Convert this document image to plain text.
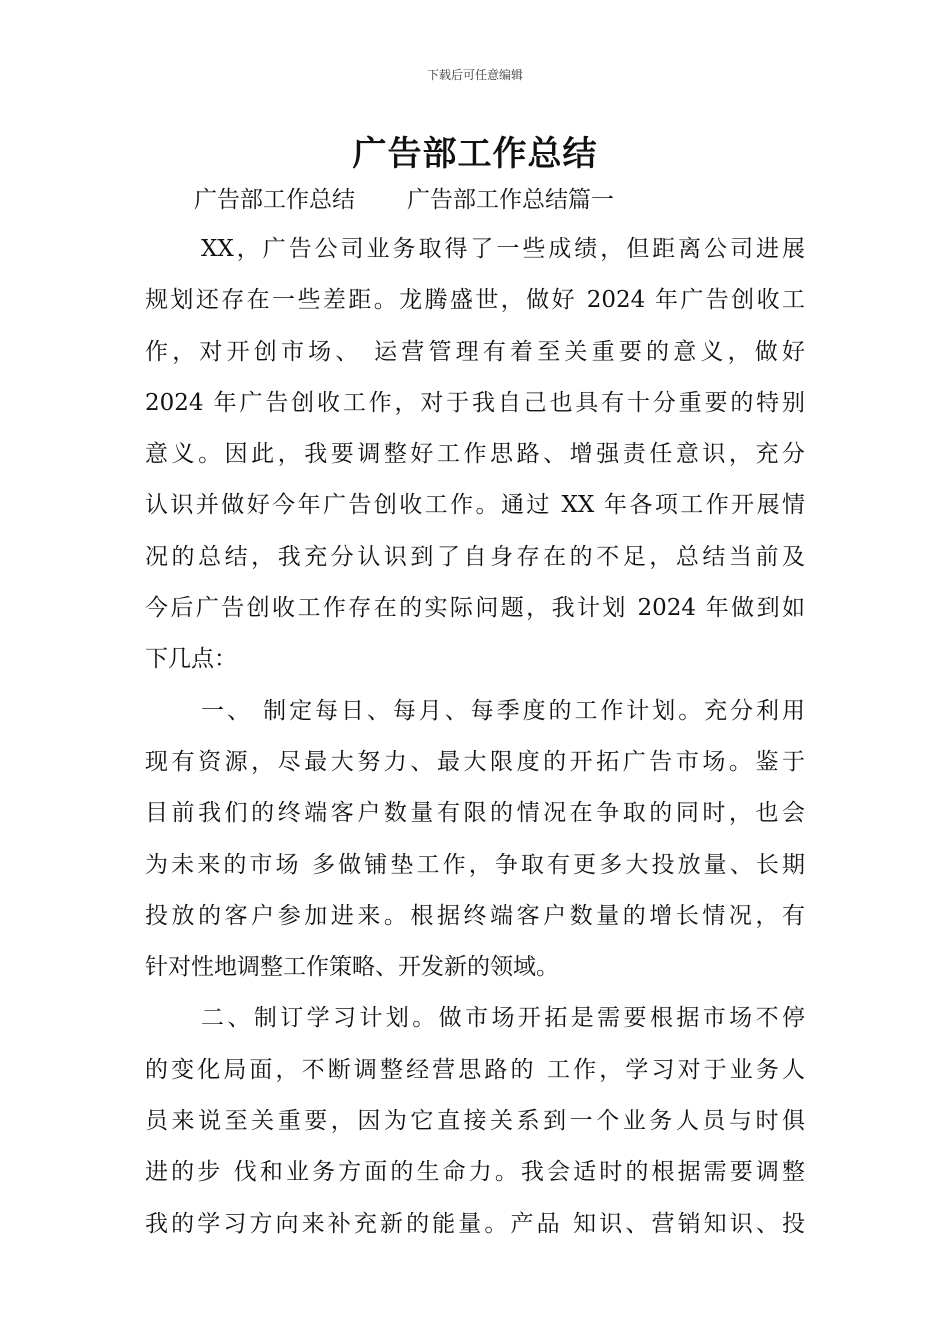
下载后可任意编辑
广告部工作总结
广告部工作总结 广告部工作总结篇一
XX，广告公司业务取得了一些成绩，但距离公司进展
规划还存在一些差距。龙腾盛世，做好 2024 年广告创收工
作，对开创市场、 运营管理有着至关重要的意义，做好
2024 年广告创收工作，对于我自己也具有十分重要的特别
意义。因此，我要调整好工作思路、增强责任意识，充分
认识并做好今年广告创收工作。通过 XX 年各项工作开展情
况的总结，我充分认识到了自身存在的不足，总结当前及
今后广告创收工作存在的实际问题，我计划 2024 年做到如
下几点：
一、 制定每日、每月、每季度的工作计划。充分利用
现有资源，尽最大努力、最大限度的开拓广告市场。鉴于
目前我们的终端客户数量有限的情况在争取的同时，也会
为未来的市场 多做铺垫工作，争取有更多大投放量、长期
投放的客户参加进来。根据终端客户数量的增长情况，有
针对性地调整工作策略、开发新的领域。
二、制订学习计划。做市场开拓是需要根据市场不停
的变化局面，不断调整经营思路的 工作，学习对于业务人
员来说至关重要，因为它直接关系到一个业务人员与时俱
进的步 伐和业务方面的生命力。我会适时的根据需要调整
我的学习方向来补充新的能量。产品 知识、营销知识、投
